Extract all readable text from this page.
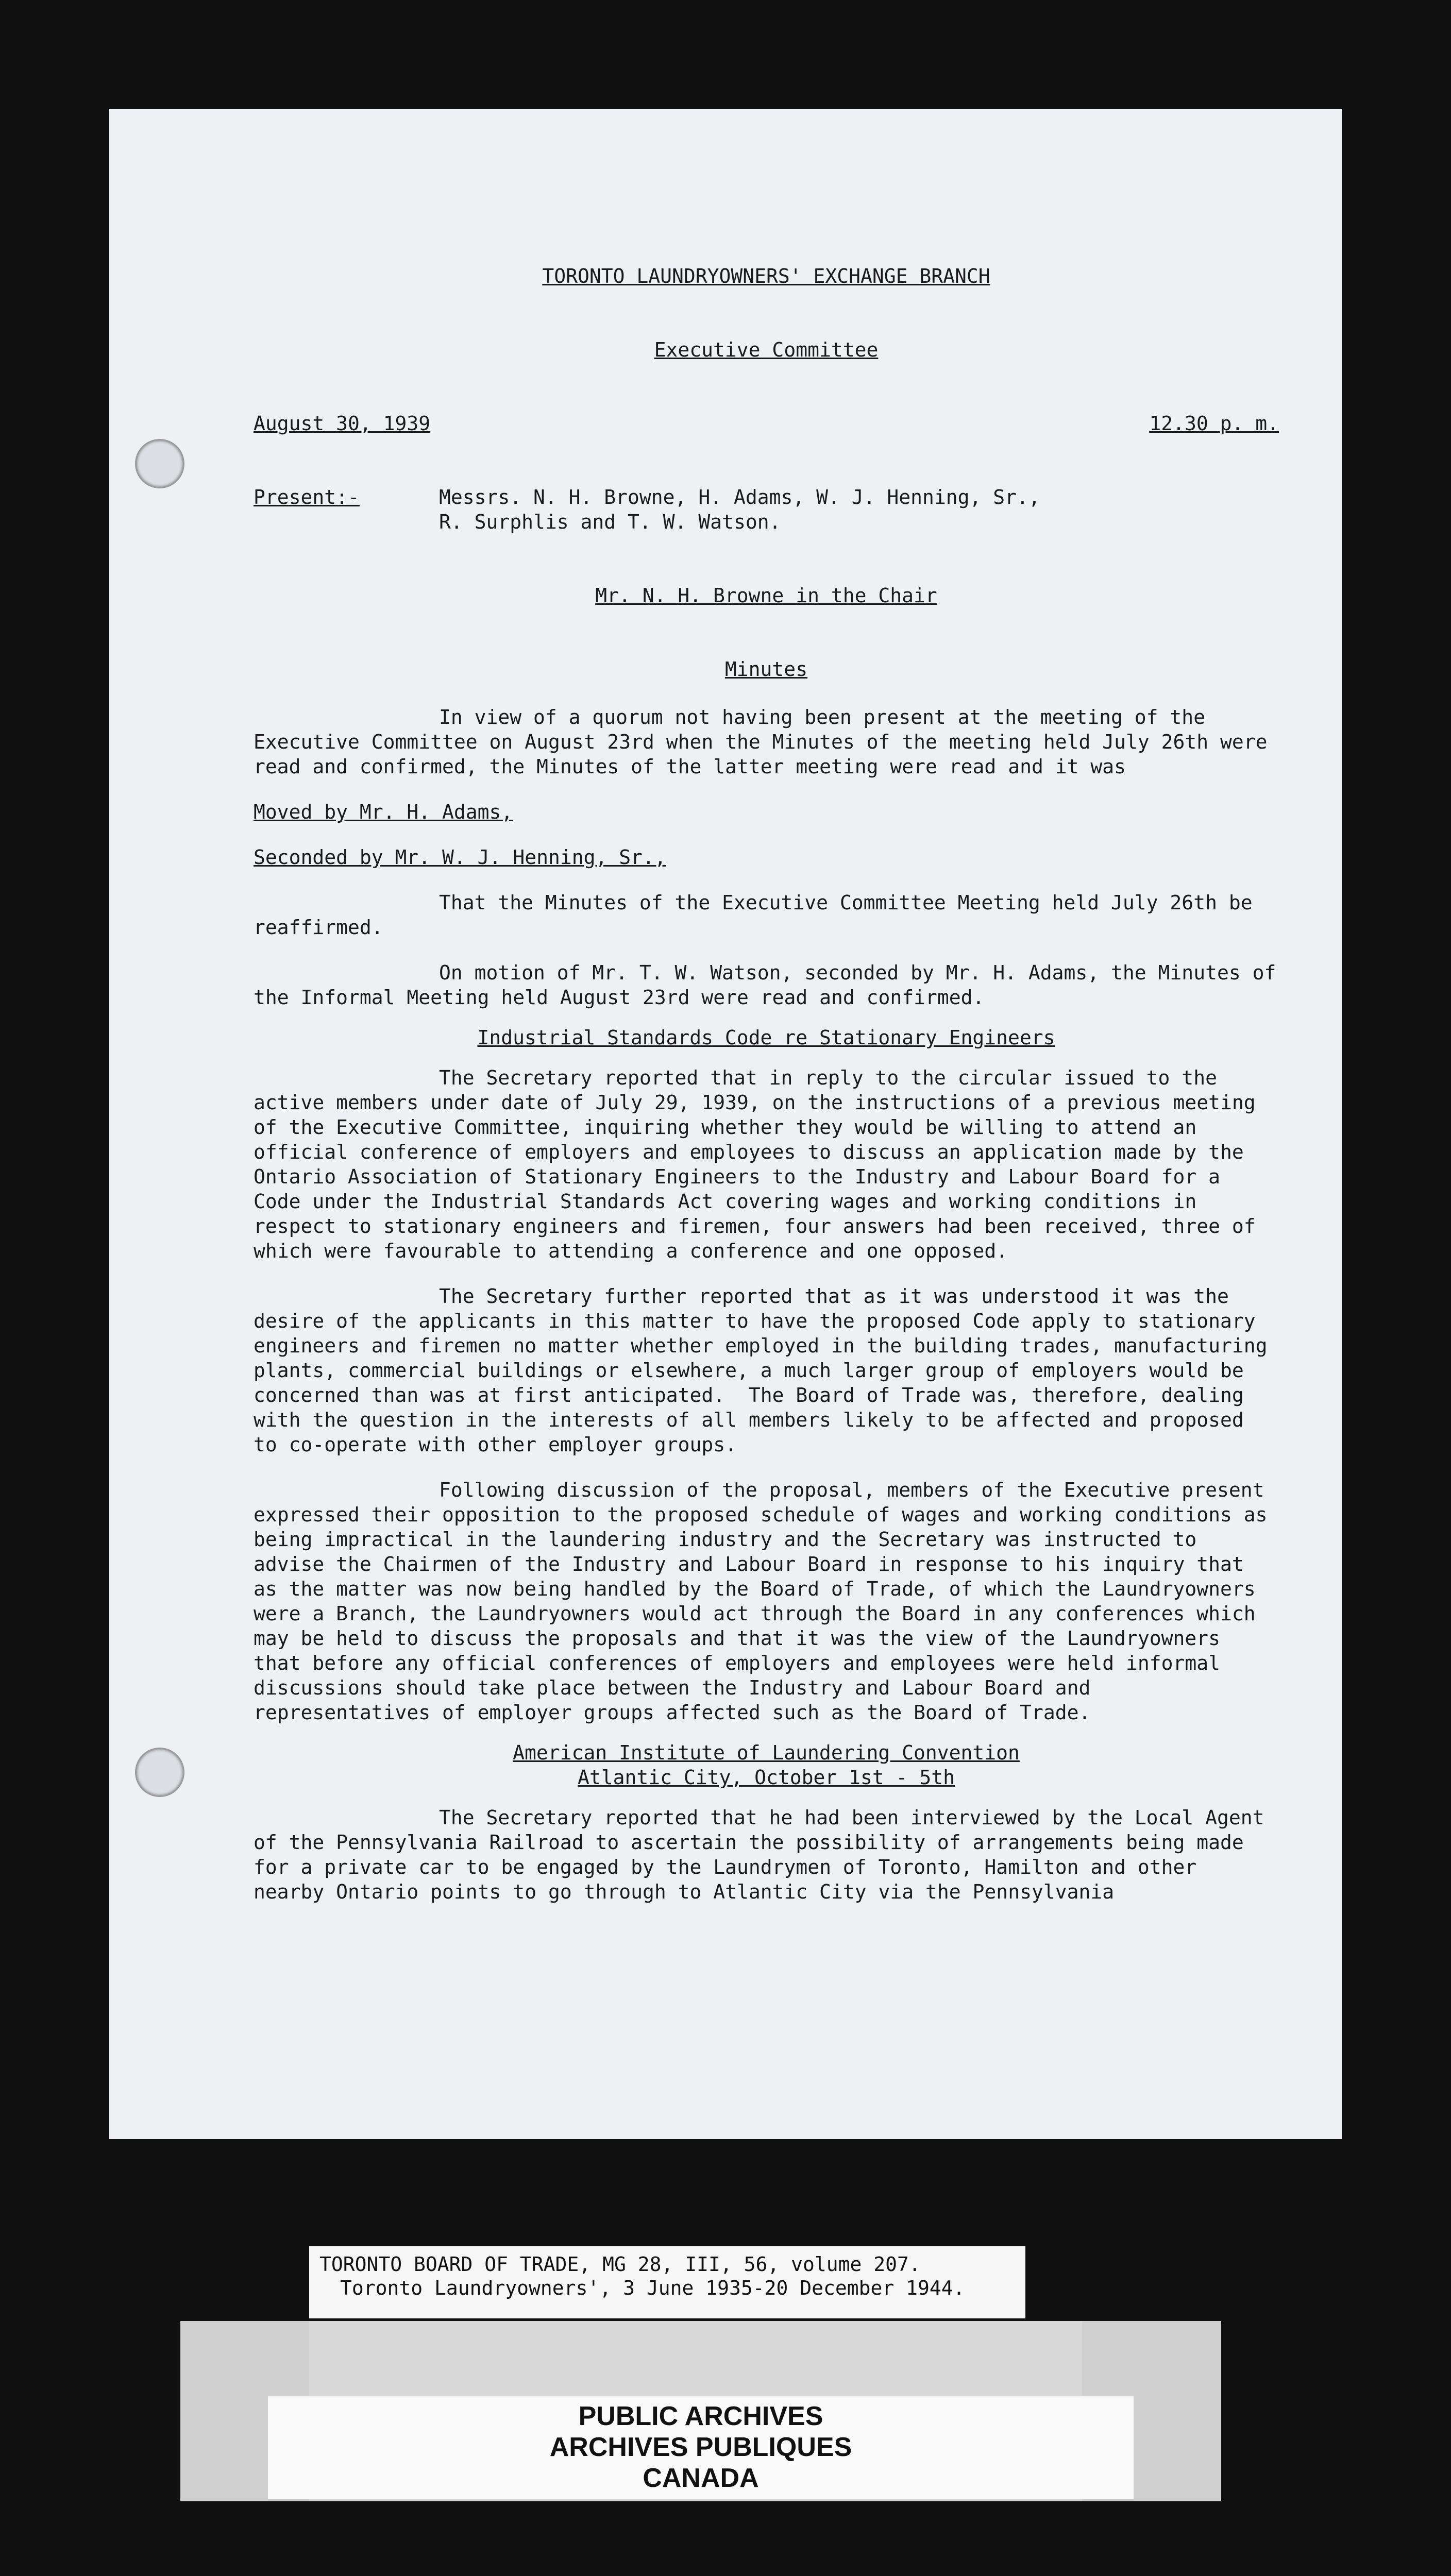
TORONTO LAUNDRYOWNERS' EXCHANGE BRANCH

Executive Committee

August 30, 1939	12.30 p. m.
Present:-	Messrs. N. H. Browne, H. Adams, W. J. Henning, Sr.,

R. Surphlis and T. W. Watson.

Mr. N. H. Browne in the Chair

Minutes

In view of a quorum not having been present at the meeting of the Executive Committee on August 23rd when the Minutes of the meeting held July 26th were read and confirmed, the Minutes of the latter meeting were read and it was

Moved by Mr. H. Adams,

Seconded by Mr. W. J. Henning, Sr.,

That the Minutes of the Executive Committee Meeting held July 26th be reaffirmed.

On motion of Mr. T. W. Watson, seconded by Mr. H. Adams, the Minutes of the Informal Meeting held August 23rd were read and confirmed.

Industrial Standards Code re Stationary Engineers

The Secretary reported that in reply to the circular issued to the active members under date of July 29, 1939, on the instructions of a previous meeting of the Executive Committee, inquiring whether they would be willing to attend an official conference of employers and employees to discuss an application made by the Ontario Association of Stationary Engineers to the Industry and Labour Board for a Code under the Industrial Standards Act covering wages and working conditions in respect to stationary engineers and firemen, four answers had been received, three of which were favourable to attending a conference and one opposed.

The Secretary further reported that as it was understood it was the desire of the applicants in this matter to have the proposed Code apply to stationary engineers and firemen no matter whether employed in the building trades, manufacturing plants, commercial buildings or elsewhere, a much larger group of employers would be concerned than was at first anticipated.  The Board of Trade was, therefore, dealing with the question in the interests of all members likely to be affected and proposed to co-operate with other employer groups.

Following discussion of the proposal, members of the Executive present expressed their opposition to the proposed schedule of wages and working conditions as being impractical in the laundering industry and the Secretary was instructed to advise the Chairmen of the Industry and Labour Board in response to his inquiry that as the matter was now being handled by the Board of Trade, of which the Laundryowners were a Branch, the Laundryowners would act through the Board in any conferences which may be held to discuss the proposals and that it was the view of the Laundryowners that before any official conferences of employers and employees were held informal discussions should take place between the Industry and Labour Board and representatives of employer groups affected such as the Board of Trade.

American Institute of Laundering Convention

Atlantic City, October 1st - 5th

The Secretary reported that he had been interviewed by the Local Agent of the Pennsylvania Railroad to ascertain the possibility of arrangements being made for a private car to be engaged by the Laundrymen of Toronto, Hamilton and other nearby Ontario points to go through to Atlantic City via the Pennsylvania

TORONTO BOARD OF TRADE, MG 28, III, 56, volume 207.
Toronto Laundryowners', 3 June 1935-20 December 1944.
PUBLIC ARCHIVES
ARCHIVES PUBLIQUES
CANADA
